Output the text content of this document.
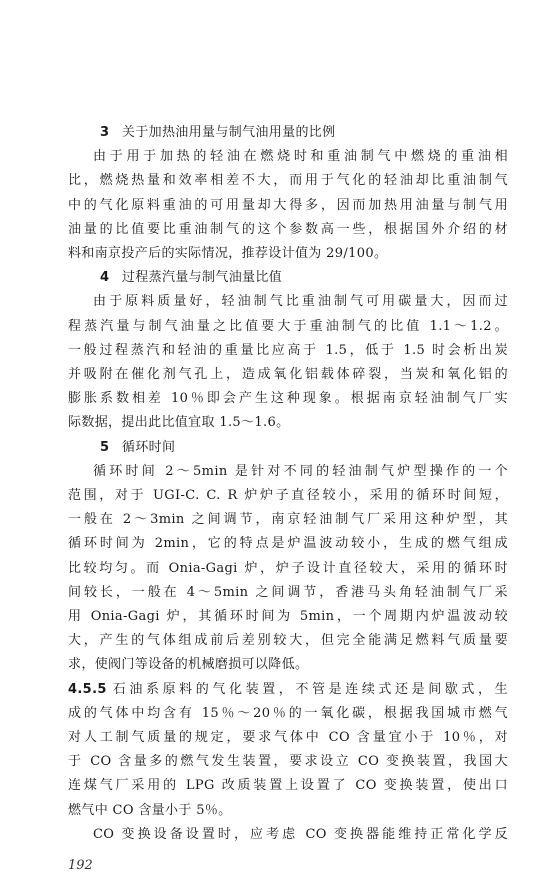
3 关于加热油用量与制气油用量的比例
由于用于加热的轻油在燃烧时和重油制气中燃烧的重油相
比，燃烧热量和效率相差不大，而用于气化的轻油却比重油制气
中的气化原料重油的可用量却大得多，因而加热用油量与制气用
油量的比值要比重油制气的这个参数高一些，根据国外介绍的材
料和南京投产后的实际情况，推荐设计值为 29/100。
4 过程蒸汽量与制气油量比值
由于原料质量好，轻油制气比重油制气可用碳量大，因而过
程蒸汽量与制气油量之比值要大于重油制气的比值 1.1～1.2。
一般过程蒸汽和轻油的重量比应高于 1.5，低于 1.5 时会析出炭
并吸附在催化剂气孔上，造成氧化铝载体碎裂，当炭和氧化铝的
膨胀系数相差 10％即会产生这种现象。根据南京轻油制气厂实
际数据，提出此比值宜取 1.5～1.6。
5 循环时间
循环时间 2～5min 是针对不同的轻油制气炉型操作的一个
范围，对于 UGI-C. C. R 炉炉子直径较小，采用的循环时间短，
一般在 2～3min 之间调节，南京轻油制气厂采用这种炉型，其
循环时间为 2min，它的特点是炉温波动较小，生成的燃气组成
比较均匀。而 Onia-Gagi 炉，炉子设计直径较大，采用的循环时
间较长，一般在 4～5min 之间调节，香港马头角轻油制气厂采
用 Onia-Gagi 炉，其循环时间为 5min，一个周期内炉温波动较
大，产生的气体组成前后差别较大，但完全能满足燃料气质量要
求，使阀门等设备的机械磨损可以降低。
4.5.5 石油系原料的气化装置，不管是连续式还是间歇式，生
成的气体中均含有 15％～20％的一氧化碳，根据我国城市燃气
对人工制气质量的规定，要求气体中 CO 含量宜小于 10％，对
于 CO 含量多的燃气发生装置，要求设立 CO 变换装置，我国大
连煤气厂采用的 LPG 改质装置上设置了 CO 变换装置，使出口
192
燃气中 CO 含量小于 5％。
CO 变换设备设置时，应考虑 CO 变换器能维持正常化学反
